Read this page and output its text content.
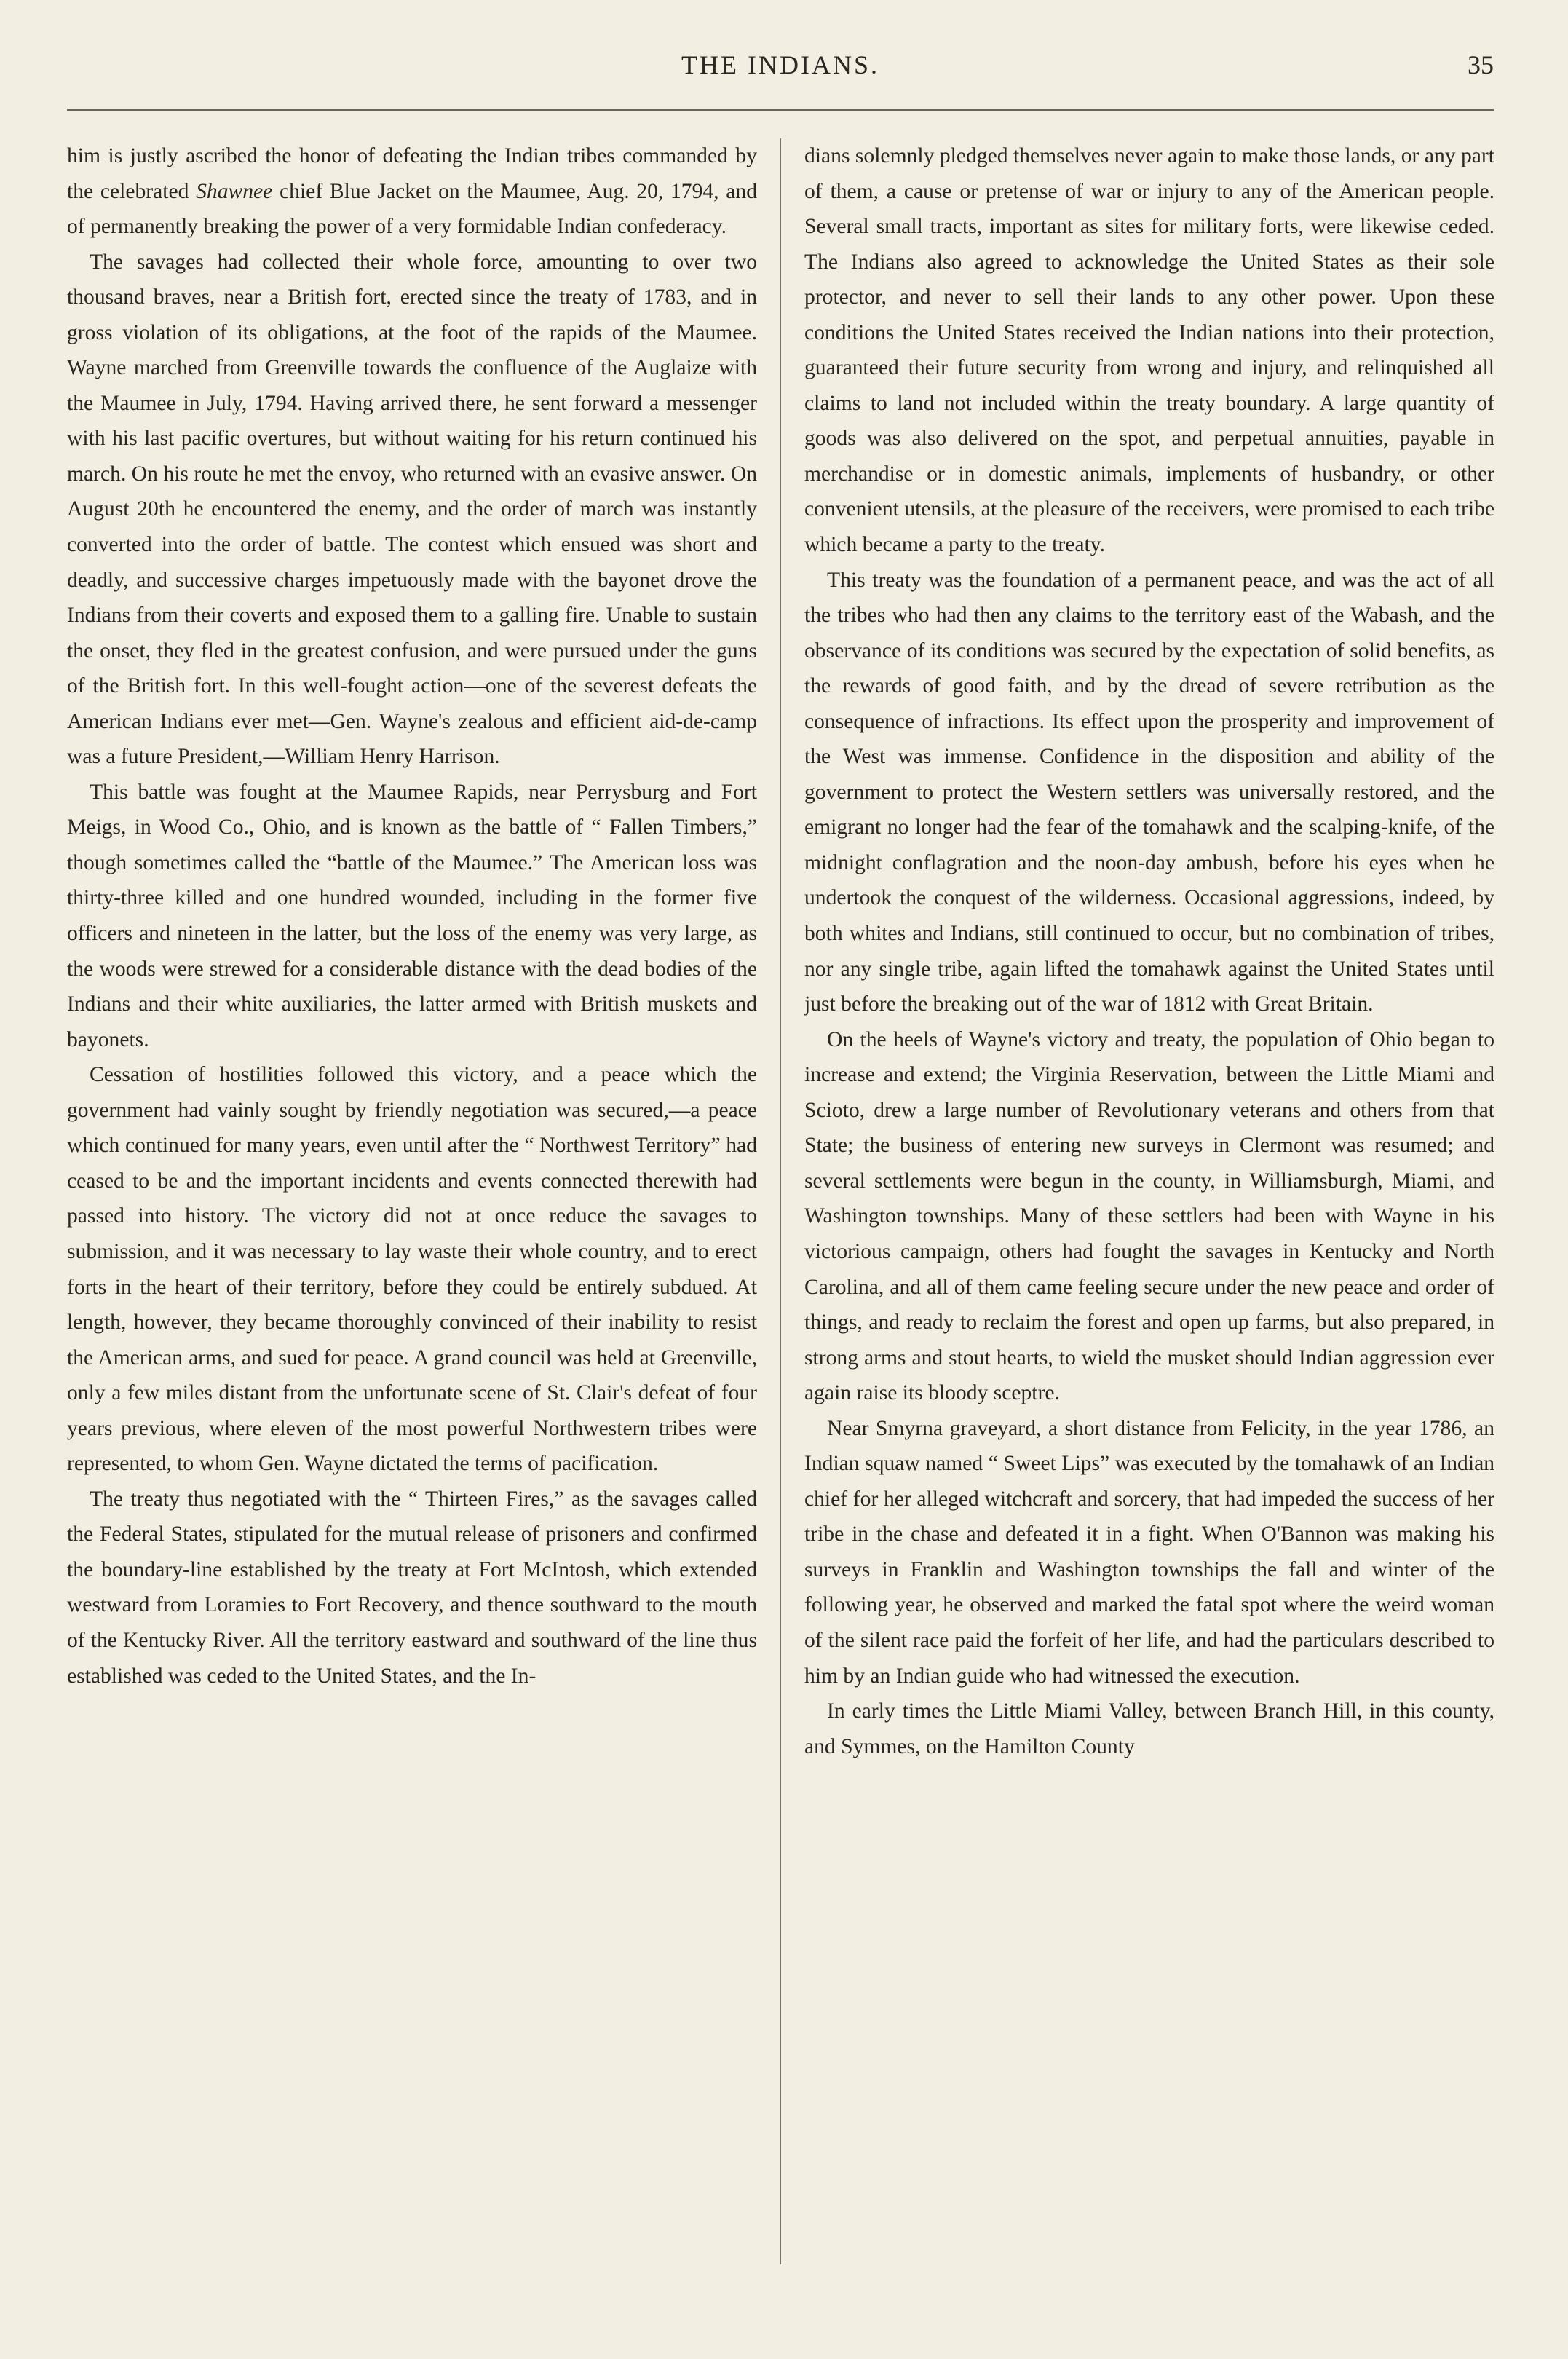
THE INDIANS.	35

him is justly ascribed the honor of defeating the Indian tribes commanded by the celebrated Shawnee chief Blue Jacket on the Maumee, Aug. 20, 1794, and of permanently breaking the power of a very formidable Indian confederacy.

The savages had collected their whole force, amounting to over two thousand braves, near a British fort, erected since the treaty of 1783, and in gross violation of its obligations, at the foot of the rapids of the Maumee. Wayne marched from Greenville towards the confluence of the Auglaize with the Maumee in July, 1794. Having arrived there, he sent forward a messenger with his last pacific overtures, but without waiting for his return continued his march. On his route he met the envoy, who returned with an evasive answer. On August 20th he encountered the enemy, and the order of march was instantly converted into the order of battle. The contest which ensued was short and deadly, and successive charges impetuously made with the bayonet drove the Indians from their coverts and exposed them to a galling fire. Unable to sustain the onset, they fled in the greatest confusion, and were pursued under the guns of the British fort. In this well-fought action—one of the severest defeats the American Indians ever met—Gen. Wayne's zealous and efficient aid-de-camp was a future President,—William Henry Harrison.

This battle was fought at the Maumee Rapids, near Perrysburg and Fort Meigs, in Wood Co., Ohio, and is known as the battle of “ Fallen Timbers,” though sometimes called the “battle of the Maumee.” The American loss was thirty-three killed and one hundred wounded, including in the former five officers and nineteen in the latter, but the loss of the enemy was very large, as the woods were strewed for a considerable distance with the dead bodies of the Indians and their white auxiliaries, the latter armed with British muskets and bayonets.

Cessation of hostilities followed this victory, and a peace which the government had vainly sought by friendly negotiation was secured,—a peace which continued for many years, even until after the “ Northwest Territory” had ceased to be and the important incidents and events connected therewith had passed into history. The victory did not at once reduce the savages to submission, and it was necessary to lay waste their whole country, and to erect forts in the heart of their territory, before they could be entirely subdued. At length, however, they became thoroughly convinced of their inability to resist the American arms, and sued for peace. A grand council was held at Greenville, only a few miles distant from the unfortunate scene of St. Clair's defeat of four years previous, where eleven of the most powerful Northwestern tribes were represented, to whom Gen. Wayne dictated the terms of pacification.

The treaty thus negotiated with the “ Thirteen Fires,” as the savages called the Federal States, stipulated for the mutual release of prisoners and confirmed the boundary-line established by the treaty at Fort McIntosh, which extended westward from Loramies to Fort Recovery, and thence southward to the mouth of the Kentucky River. All the territory eastward and southward of the line thus established was ceded to the United States, and the In-

dians solemnly pledged themselves never again to make those lands, or any part of them, a cause or pretense of war or injury to any of the American people. Several small tracts, important as sites for military forts, were likewise ceded. The Indians also agreed to acknowledge the United States as their sole protector, and never to sell their lands to any other power. Upon these conditions the United States received the Indian nations into their protection, guaranteed their future security from wrong and injury, and relinquished all claims to land not included within the treaty boundary. A large quantity of goods was also delivered on the spot, and perpetual annuities, payable in merchandise or in domestic animals, implements of husbandry, or other convenient utensils, at the pleasure of the receivers, were promised to each tribe which became a party to the treaty.

This treaty was the foundation of a permanent peace, and was the act of all the tribes who had then any claims to the territory east of the Wabash, and the observance of its conditions was secured by the expectation of solid benefits, as the rewards of good faith, and by the dread of severe retribution as the consequence of infractions. Its effect upon the prosperity and improvement of the West was immense. Confidence in the disposition and ability of the government to protect the Western settlers was universally restored, and the emigrant no longer had the fear of the tomahawk and the scalping-knife, of the midnight conflagration and the noon-day ambush, before his eyes when he undertook the conquest of the wilderness. Occasional aggressions, indeed, by both whites and Indians, still continued to occur, but no combination of tribes, nor any single tribe, again lifted the tomahawk against the United States until just before the breaking out of the war of 1812 with Great Britain.

On the heels of Wayne's victory and treaty, the population of Ohio began to increase and extend; the Virginia Reservation, between the Little Miami and Scioto, drew a large number of Revolutionary veterans and others from that State; the business of entering new surveys in Clermont was resumed; and several settlements were begun in the county, in Williamsburgh, Miami, and Washington townships. Many of these settlers had been with Wayne in his victorious campaign, others had fought the savages in Kentucky and North Carolina, and all of them came feeling secure under the new peace and order of things, and ready to reclaim the forest and open up farms, but also prepared, in strong arms and stout hearts, to wield the musket should Indian aggression ever again raise its bloody sceptre.

Near Smyrna graveyard, a short distance from Felicity, in the year 1786, an Indian squaw named “ Sweet Lips” was executed by the tomahawk of an Indian chief for her alleged witchcraft and sorcery, that had impeded the success of her tribe in the chase and defeated it in a fight. When O'Bannon was making his surveys in Franklin and Washington townships the fall and winter of the following year, he observed and marked the fatal spot where the weird woman of the silent race paid the forfeit of her life, and had the particulars described to him by an Indian guide who had witnessed the execution.

In early times the Little Miami Valley, between Branch Hill, in this county, and Symmes, on the Hamilton County
